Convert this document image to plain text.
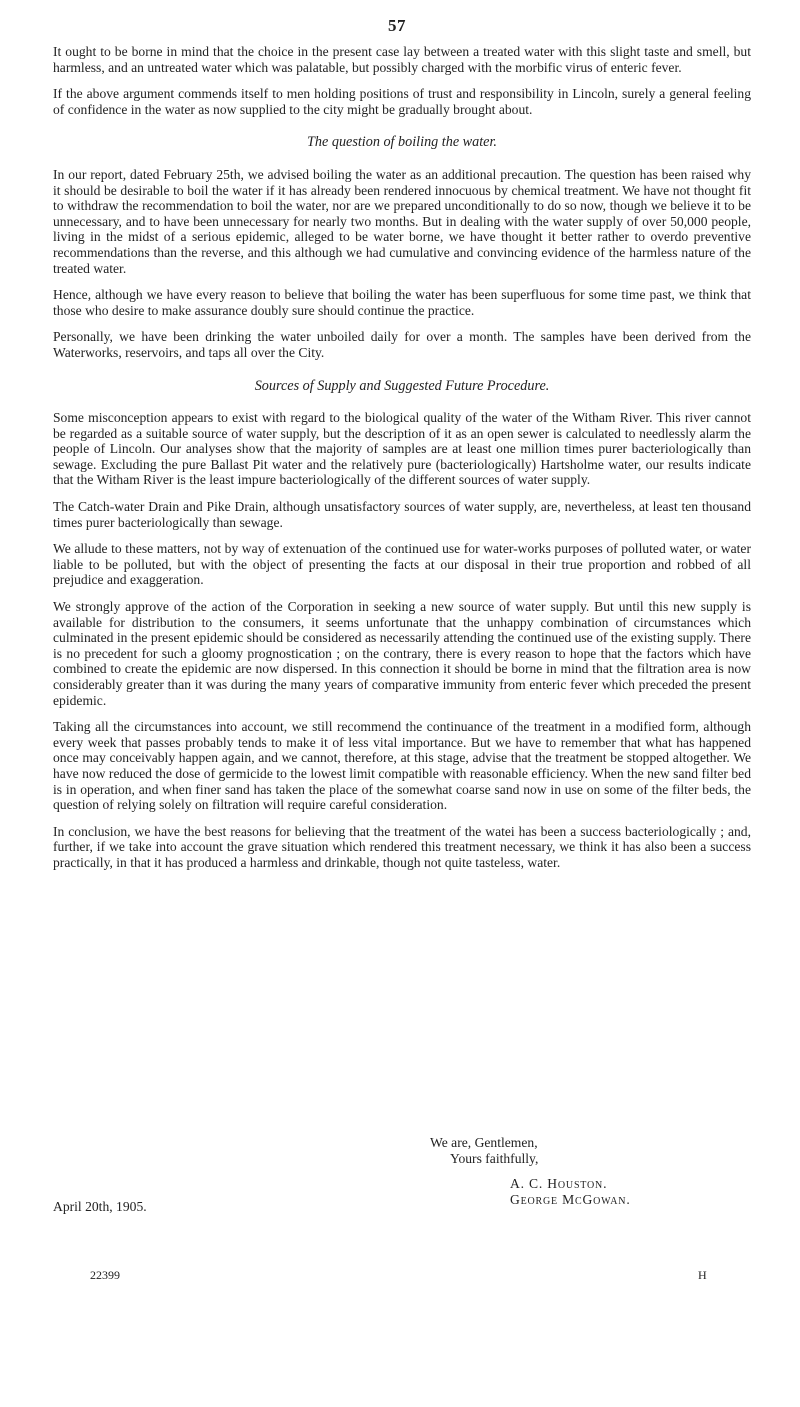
57

It ought to be borne in mind that the choice in the present case lay between a treated water with this slight taste and smell, but harmless, and an untreated water which was palatable, but possibly charged with the morbific virus of enteric fever.

If the above argument commends itself to men holding positions of trust and responsibility in Lincoln, surely a general feeling of confidence in the water as now supplied to the city might be gradually brought about.

The question of boiling the water.

In our report, dated February 25th, we advised boiling the water as an additional precaution. The question has been raised why it should be desirable to boil the water if it has already been rendered innocuous by chemical treatment. We have not thought fit to withdraw the recommendation to boil the water, nor are we prepared unconditionally to do so now, though we believe it to be unnecessary, and to have been unnecessary for nearly two months. But in dealing with the water supply of over 50,000 people, living in the midst of a serious epidemic, alleged to be water borne, we have thought it better rather to overdo preventive recommendations than the reverse, and this although we had cumulative and convincing evidence of the harmless nature of the treated water.

Hence, although we have every reason to believe that boiling the water has been superfluous for some time past, we think that those who desire to make assurance doubly sure should continue the practice.

Personally, we have been drinking the water unboiled daily for over a month. The samples have been derived from the Waterworks, reservoirs, and taps all over the City.

Sources of Supply and Suggested Future Procedure.

Some misconception appears to exist with regard to the biological quality of the water of the Witham River. This river cannot be regarded as a suitable source of water supply, but the description of it as an open sewer is calculated to needlessly alarm the people of Lincoln. Our analyses show that the majority of samples are at least one million times purer bacteriologically than sewage. Excluding the pure Ballast Pit water and the relatively pure (bacteriologically) Hartsholme water, our results indicate that the Witham River is the least impure bacteriologically of the different sources of water supply.

The Catch-water Drain and Pike Drain, although unsatisfactory sources of water supply, are, nevertheless, at least ten thousand times purer bacteriologically than sewage.

We allude to these matters, not by way of extenuation of the continued use for water-works purposes of polluted water, or water liable to be polluted, but with the object of presenting the facts at our disposal in their true proportion and robbed of all prejudice and exaggeration.

We strongly approve of the action of the Corporation in seeking a new source of water supply. But until this new supply is available for distribution to the consumers, it seems unfortunate that the unhappy combination of circumstances which culminated in the present epidemic should be considered as necessarily attending the continued use of the existing supply. There is no precedent for such a gloomy prognostication ; on the contrary, there is every reason to hope that the factors which have combined to create the epidemic are now dispersed. In this connection it should be borne in mind that the filtration area is now considerably greater than it was during the many years of comparative immunity from enteric fever which preceded the present epidemic.

Taking all the circumstances into account, we still recommend the continuance of the treatment in a modified form, although every week that passes probably tends to make it of less vital importance. But we have to remember that what has happened once may conceivably happen again, and we cannot, therefore, at this stage, advise that the treatment be stopped altogether. We have now reduced the dose of germicide to the lowest limit compatible with reasonable efficiency. When the new sand filter bed is in operation, and when finer sand has taken the place of the somewhat coarse sand now in use on some of the filter beds, the question of relying solely on filtration will require careful consideration.

In conclusion, we have the best reasons for believing that the treatment of the watei has been a success bacteriologically ; and, further, if we take into account the grave situation which rendered this treatment necessary, we think it has also been a success practically, in that it has produced a harmless and drinkable, though not quite tasteless, water.

We are, Gentlemen,
Yours faithfully,
A. C. Houston.
George McGowan.
April 20th, 1905.
22399	H
